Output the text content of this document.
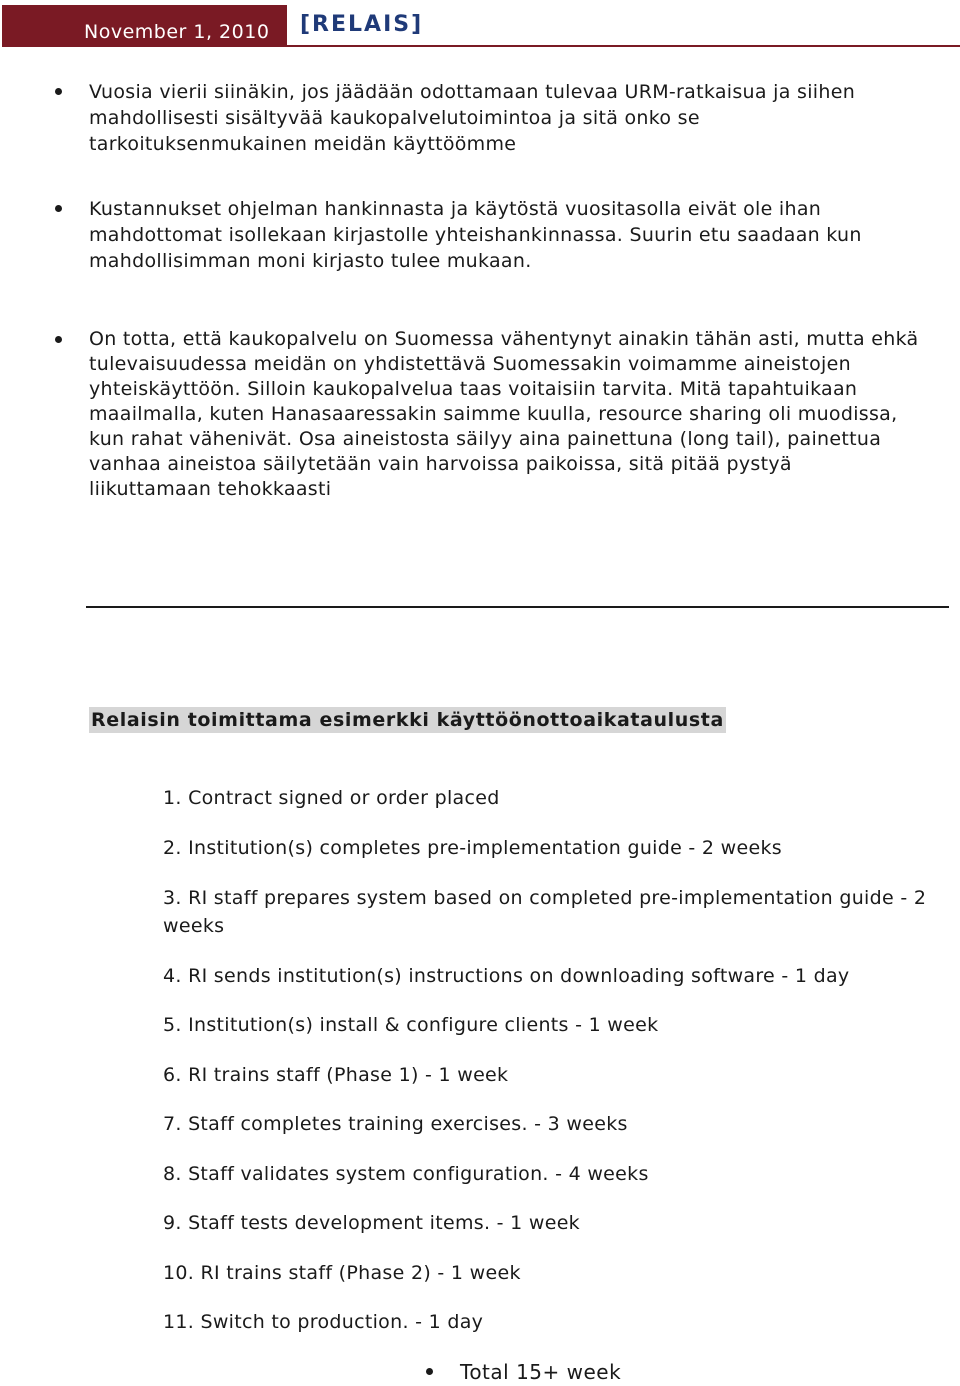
November 1, 2010 [RELAIS]
Vuosia vierii siinäkin, jos jäädään odottamaan tulevaa URM-ratkaisua ja siihen mahdollisesti sisältyvää kaukopalvelutoimintoa ja sitä onko se tarkoituksenmukainen meidän käyttöömme
Kustannukset ohjelman hankinnasta ja käytöstä vuositasolla eivät ole ihan mahdottomat isollekaan kirjastolle yhteishankinnassa. Suurin etu saadaan kun mahdollisimman moni kirjasto tulee mukaan.
On totta, että kaukopalvelu on Suomessa vähentynyt ainakin tähän asti, mutta ehkä tulevaisuudessa meidän on yhdistettävä Suomessakin voimamme aineistojen yhteiskäyttöön. Silloin kaukopalvelua taas voitaisiin tarvita. Mitä tapahtuikaan maailmalla, kuten Hanasaaressakin saimme kuulla, resource sharing oli muodissa, kun rahat vähenivät. Osa aineistosta säilyy aina painettuna (long tail), painettua vanhaa aineistoa säilytetään vain harvoissa paikoissa, sitä pitää pystyä liikuttamaan tehokkaasti
Relaisin toimittama esimerkki käyttöönottoaikataulusta
1. Contract signed or order placed
2. Institution(s) completes pre-implementation guide - 2 weeks
3. RI staff prepares system based on completed pre-implementation guide - 2 weeks
4. RI sends institution(s) instructions on downloading software - 1 day
5. Institution(s) install & configure clients - 1 week
6. RI trains staff (Phase 1) - 1 week
7. Staff completes training exercises. - 3 weeks
8. Staff validates system configuration. - 4 weeks
9. Staff tests development items. - 1 week
10. RI trains staff (Phase 2) - 1 week
11. Switch to production. - 1 day
Total 15+ week
